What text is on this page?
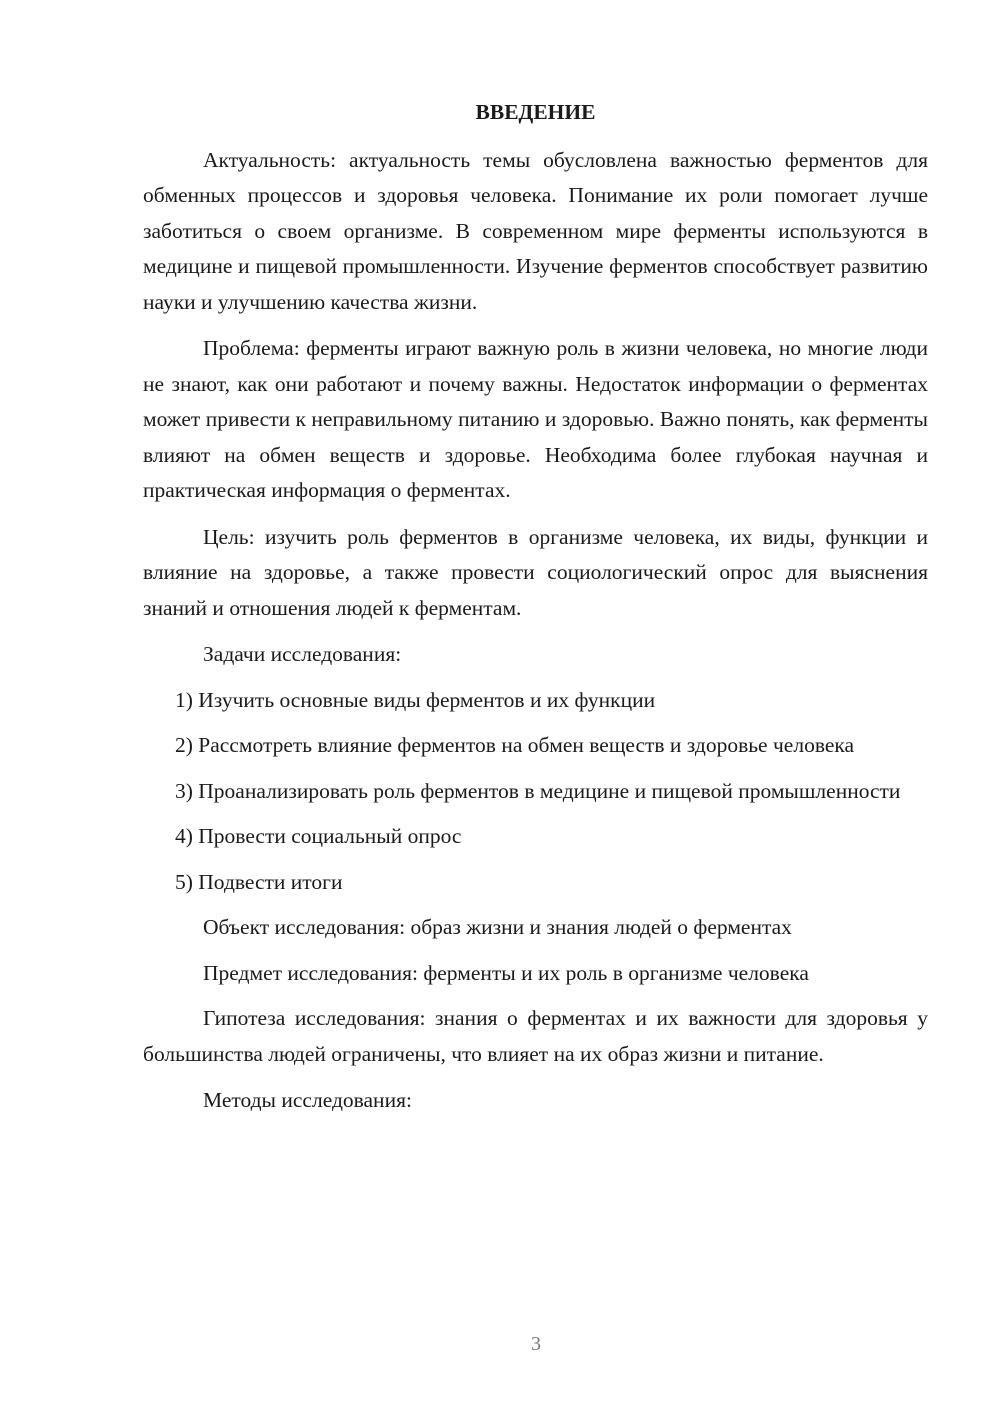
ВВЕДЕНИЕ

Актуальность: актуальность темы обусловлена важностью ферментов для обменных процессов и здоровья человека. Понимание их роли помогает лучше заботиться о своем организме. В современном мире ферменты используются в медицине и пищевой промышленности. Изучение ферментов способствует развитию науки и улучшению качества жизни.

Проблема: ферменты играют важную роль в жизни человека, но многие люди не знают, как они работают и почему важны. Недостаток информации о ферментах может привести к неправильному питанию и здоровью. Важно понять, как ферменты влияют на обмен веществ и здоровье. Необходима более глубокая научная и практическая информация о ферментах.

Цель: изучить роль ферментов в организме человека, их виды, функции и влияние на здоровье, а также провести социологический опрос для выяснения знаний и отношения людей к ферментам.

Задачи исследования:

1) Изучить основные виды ферментов и их функции

2) Рассмотреть влияние ферментов на обмен веществ и здоровье человека

3) Проанализировать роль ферментов в медицине и пищевой промышленности

4) Провести социальный опрос

5) Подвести итоги

Объект исследования: образ жизни и знания людей о ферментах

Предмет исследования: ферменты и их роль в организме человека

Гипотеза исследования: знания о ферментах и их важности для здоровья у большинства людей ограничены, что влияет на их образ жизни и питание.

Методы исследования:

3
